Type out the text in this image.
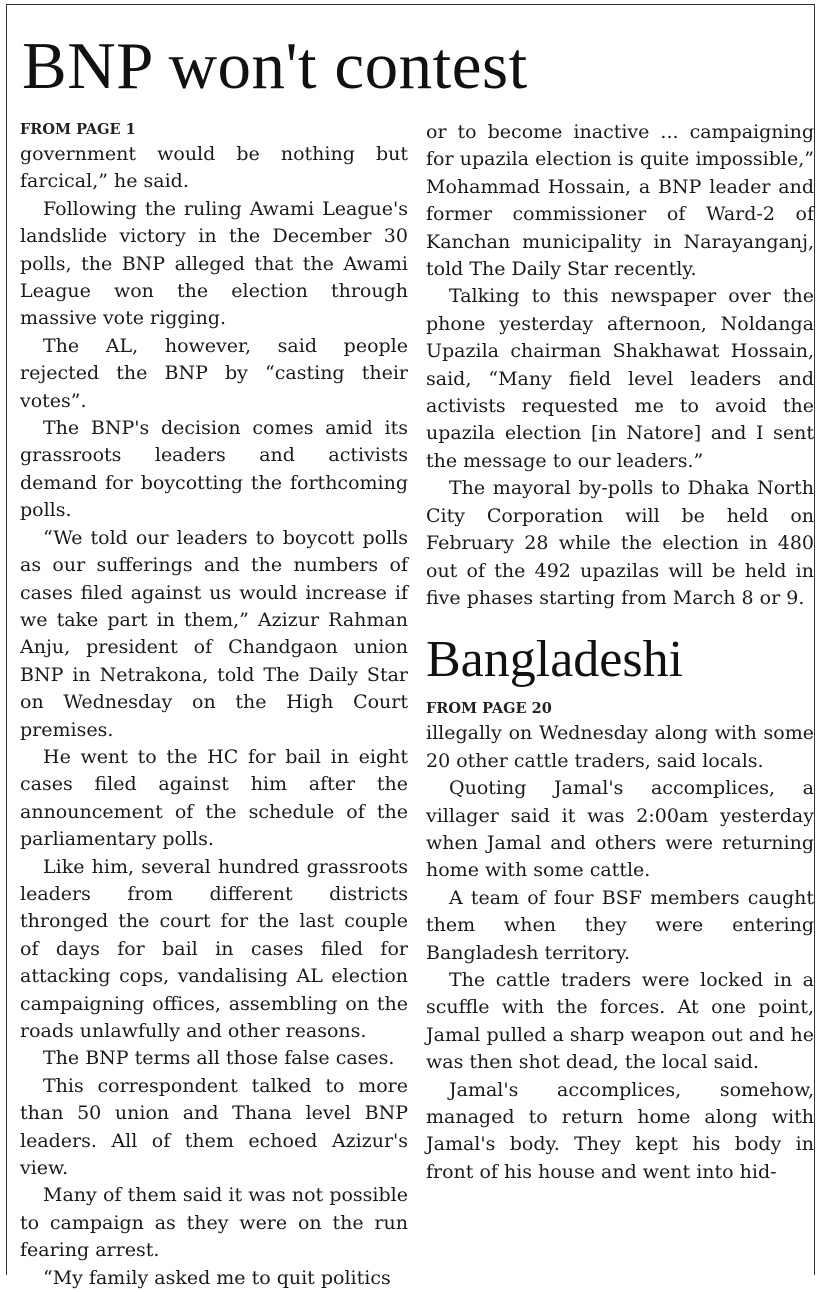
BNP won't contest
FROM PAGE 1

government would be nothing but farcical,” he said.

Following the ruling Awami League's landslide victory in the December 30 polls, the BNP alleged that the Awami League won the election through massive vote rigging.

The AL, however, said people rejected the BNP by “casting their votes”.

The BNP's decision comes amid its grassroots leaders and activists demand for boycotting the forthcoming polls.

“We told our leaders to boycott polls as our sufferings and the numbers of cases filed against us would increase if we take part in them,” Azizur Rahman Anju, president of Chandgaon union BNP in Netrakona, told The Daily Star on Wednesday on the High Court premises.

He went to the HC for bail in eight cases filed against him after the announcement of the schedule of the parliamentary polls.

Like him, several hundred grassroots leaders from different districts thronged the court for the last couple of days for bail in cases filed for attacking cops, vandalising AL election campaigning offices, assembling on the roads unlawfully and other reasons.

The BNP terms all those false cases.

This correspondent talked to more than 50 union and Thana level BNP leaders. All of them echoed Azizur's view.

Many of them said it was not possible to campaign as they were on the run fearing arrest.

“My family asked me to quit politics

or to become inactive ... campaigning for upazila election is quite impossible,” Mohammad Hossain, a BNP leader and former commissioner of Ward-2 of Kanchan municipality in Narayanganj, told The Daily Star recently.

Talking to this newspaper over the phone yesterday afternoon, Noldanga Upazila chairman Shakhawat Hossain, said, “Many field level leaders and activists requested me to avoid the upazila election [in Natore] and I sent the message to our leaders.”

The mayoral by-polls to Dhaka North City Corporation will be held on February 28 while the election in 480 out of the 492 upazilas will be held in five phases starting from March 8 or 9.

Bangladeshi
FROM PAGE 20

illegally on Wednesday along with some 20 other cattle traders, said locals.

Quoting Jamal's accomplices, a villager said it was 2:00am yesterday when Jamal and others were returning home with some cattle.

A team of four BSF members caught them when they were entering Bangladesh territory.

The cattle traders were locked in a scuffle with the forces. At one point, Jamal pulled a sharp weapon out and he was then shot dead, the local said.

Jamal's accomplices, somehow, managed to return home along with Jamal's body. They kept his body in front of his house and went into hid-
